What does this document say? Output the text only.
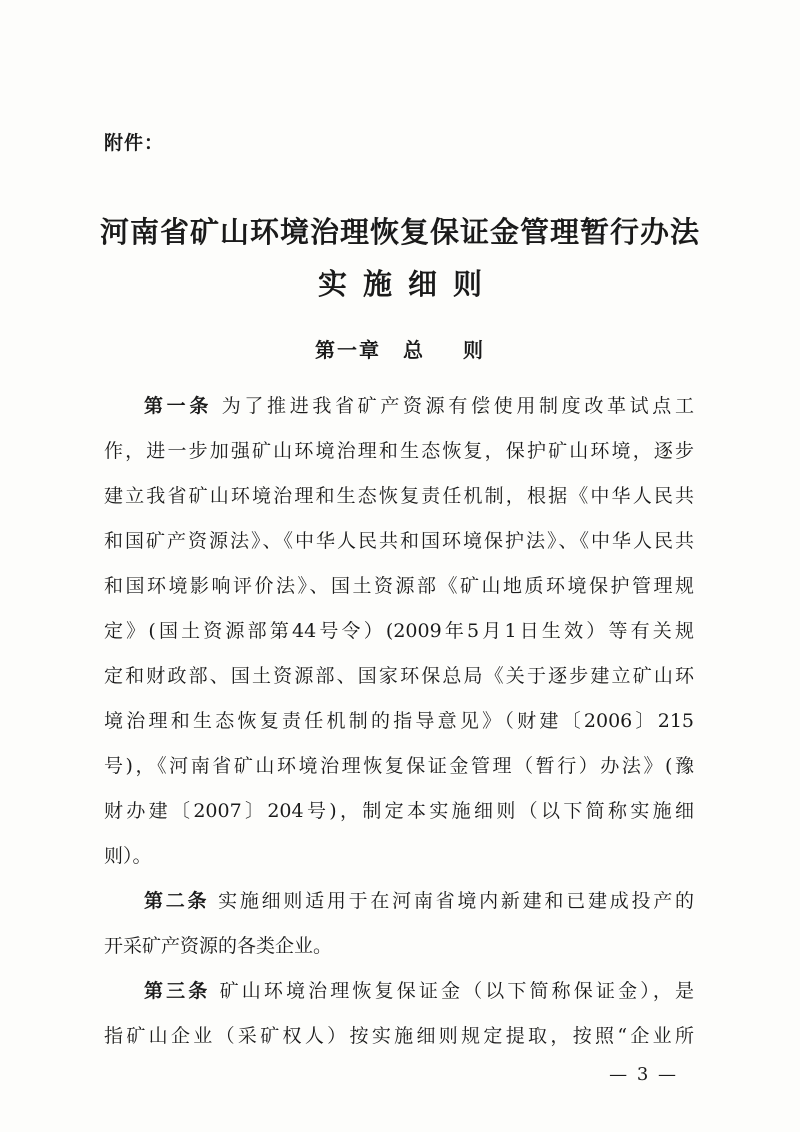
附件：
河南省矿山环境治理恢复保证金管理暂行办法
实施细则
第一章 总 则
第一条 为了推进我省矿产资源有偿使用制度改革试点工
作，进一步加强矿山环境治理和生态恢复，保护矿山环境，逐步
建立我省矿山环境治理和生态恢复责任机制，根据《中华人民共
和国矿产资源法》、《中华人民共和国环境保护法》、《中华人民共
和国环境影响评价法》、国土资源部《矿山地质环境保护管理规
定》(国土资源部第44号令）(2009年5月1日生效）等有关规
定和财政部、国土资源部、国家环保总局《关于逐步建立矿山环
境治理和生态恢复责任机制的指导意见》（财建〔2006〕215
号)，《河南省矿山环境治理恢复保证金管理（暂行）办法》(豫
财办建〔2007〕204号)，制定本实施细则（以下简称实施细
则）。
第二条 实施细则适用于在河南省境内新建和已建成投产的
开采矿产资源的各类企业。
第三条 矿山环境治理恢复保证金（以下简称保证金），是
指矿山企业（采矿权人）按实施细则规定提取，按照“企业所
— 3 —
